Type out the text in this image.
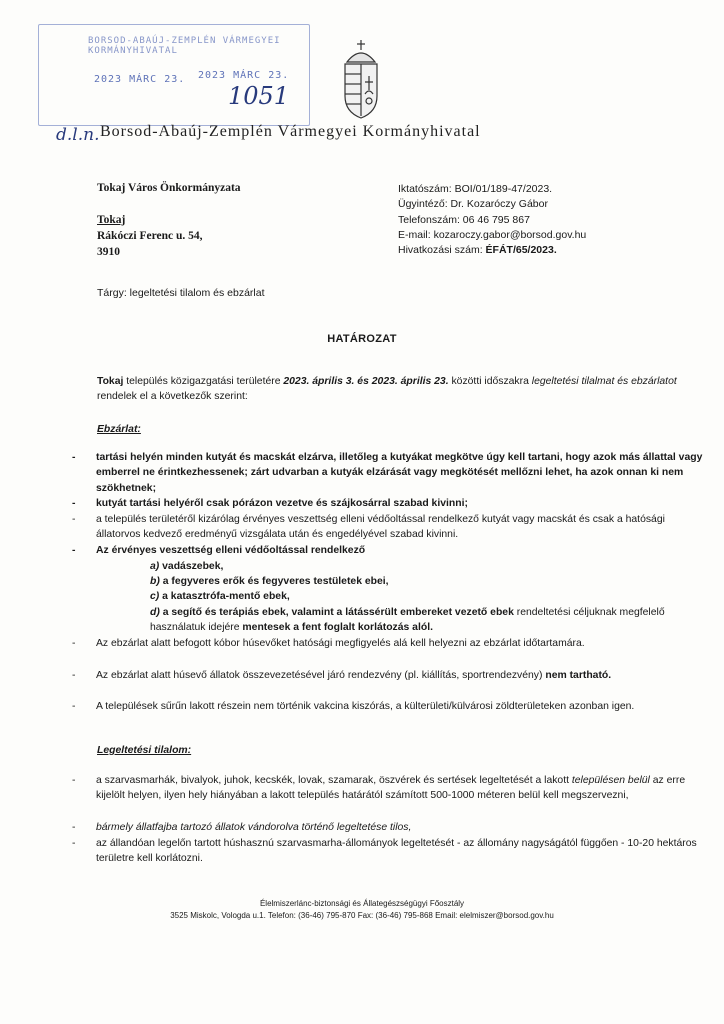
BORSOD-ABAÚJ-ZEMPLÉN VÁRMEGYEI KORMÁNYHIVATAL
2023 MÁRC 23. 2023 MÁRC 23.
1051
d.l.n. Borsod-Abaúj-Zemplén Vármegyei Kormányhivatal
Tokaj Város Önkormányzata
Tokaj
Rákóczi Ferenc u. 54,
3910
Iktatószám: BOI/01/189-47/2023.
Ügyintéző: Dr. Kozaróczy Gábor
Telefonszám: 06 46 795 867
E-mail: kozaroczy.gabor@borsod.gov.hu
Hivatkozási szám: ÉFÁT/65/2023.
Tárgy: legeltetési tilalom és ebzárlat
HATÁROZAT
Tokaj település közigazgatási területére 2023. április 3. és 2023. április 23. közötti időszakra legeltetési tilalmat és ebzárlatot rendelek el a következők szerint:
Ebzárlat:
- tartási helyén minden kutyát és macskát elzárva, illetőleg a kutyákat megkötve úgy kell tartani, hogy azok más állattal vagy emberrel ne érintkezhessenek; zárt udvarban a kutyák elzárását vagy megkötését mellőzni lehet, ha azok onnan ki nem szökhetnek;
- kutyát tartási helyéről csak pórázon vezetve és szájkosárral szabad kivinni;
- a település területéről kizárólag érvényes veszettség elleni védőoltással rendelkező kutyát vagy macskát és csak a hatósági állatorvos kedvező eredményű vizsgálata után és engedélyével szabad kivinni.
- Az érvényes veszettség elleni védőoltással rendelkező
a) vadászebek,
b) a fegyveres erők és fegyveres testületek ebei,
c) a katasztrófa-mentő ebek,
d) a segítő és terápiás ebek, valamint a látássérült embereket vezető ebek rendeltetési céljuknak megfelelő használatuk idejére mentesek a fent foglalt korlátozás alól.
- Az ebzárlat alatt befogott kóbor húsevőket hatósági megfigyelés alá kell helyezni az ebzárlat időtartamára.
- Az ebzárlat alatt húsevő állatok összevezetésével járó rendezvény (pl. kiállítás, sportrendezvény) nem tartható.
- A települések sűrűn lakott részein nem történik vakcina kiszórás, a külterületi/külvárosi zöldterületeken azonban igen.
Legeltetési tilalom:
- a szarvasmarhák, bivalyok, juhok, kecskék, lovak, szamarak, öszvérek és sertések legeltetését a lakott településen belül az erre kijelölt helyen, ilyen hely hiányában a lakott település határától számított 500-1000 méteren belül kell megszervezni,
- bármely állatfajba tartozó állatok vándorolva történő legeltetése tilos,
- az állandóan legelőn tartott húshasznú szarvasmarha-állományok legeltetését - az állomány nagyságától függően - 10-20 hektáros területre kell korlátozni.
Élelmiszerlánc-biztonsági és Állategészségügyi Főosztály
3525 Miskolc, Vologda u.1. Telefon: (36-46) 795-870 Fax: (36-46) 795-868 Email: elelmiszer@borsod.gov.hu
